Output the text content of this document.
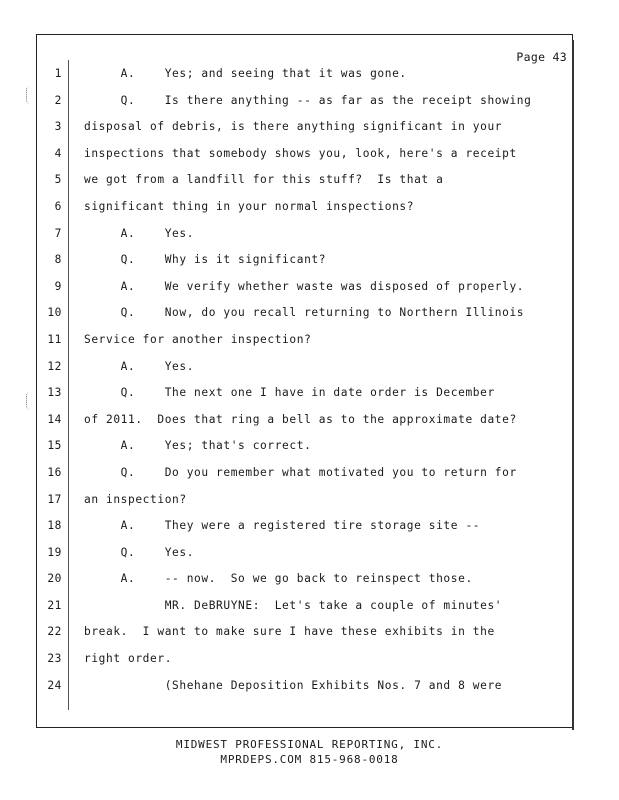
Page 43
1 A.    Yes; and seeing that it was gone.
2 Q.    Is there anything -- as far as the receipt showing
3 disposal of debris, is there anything significant in your
4 inspections that somebody shows you, look, here's a receipt
5 we got from a landfill for this stuff?  Is that a
6 significant thing in your normal inspections?
7 A.    Yes.
8 Q.    Why is it significant?
9 A.    We verify whether waste was disposed of properly.
10 Q.    Now, do you recall returning to Northern Illinois
11 Service for another inspection?
12 A.    Yes.
13 Q.    The next one I have in date order is December
14 of 2011.  Does that ring a bell as to the approximate date?
15 A.    Yes; that's correct.
16 Q.    Do you remember what motivated you to return for
17 an inspection?
18 A.    They were a registered tire storage site --
19 Q.    Yes.
20 A.    -- now.  So we go back to reinspect those.
21 MR. DeBRUYNE:  Let's take a couple of minutes'
22 break.  I want to make sure I have these exhibits in the
23 right order.
24 (Shehane Deposition Exhibits Nos. 7 and 8 were
MIDWEST PROFESSIONAL REPORTING, INC.
MPRDEPS.COM 815-968-0018
